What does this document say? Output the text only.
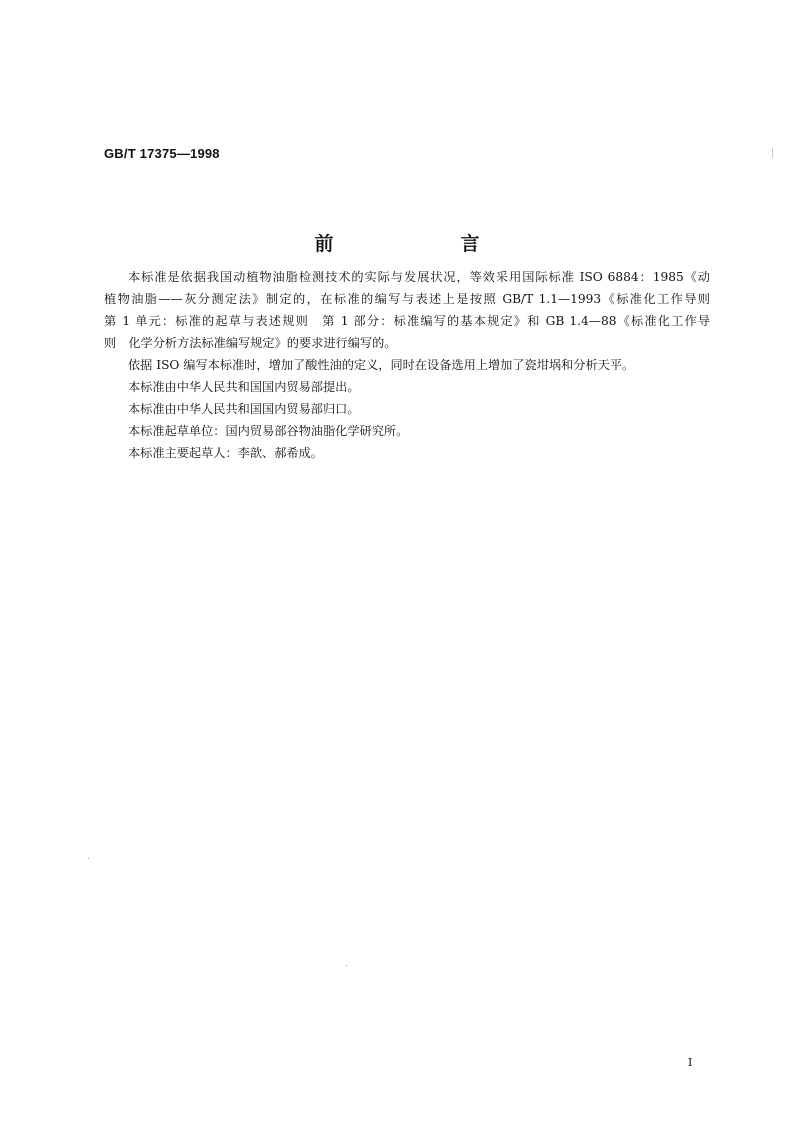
GB/T 17375—1998
前　言
本标准是依据我国动植物油脂检测技术的实际与发展状况，等效采用国际标准 ISO 6884：1985《动
植物油脂——灰分测定法》制定的，在标准的编写与表述上是按照 GB/T 1.1—1993《标准化工作导则
第 1 单元：标准的起草与表述规则　第 1 部分：标准编写的基本规定》和 GB 1.4—88《标准化工作导
则　化学分析方法标准编写规定》的要求进行编写的。
依据 ISO 编写本标准时，增加了酸性油的定义，同时在设备选用上增加了瓷坩埚和分析天平。
本标准由中华人民共和国国内贸易部提出。
本标准由中华人民共和国国内贸易部归口。
本标准起草单位：国内贸易部谷物油脂化学研究所。
本标准主要起草人：李歆、郝希成。
I
